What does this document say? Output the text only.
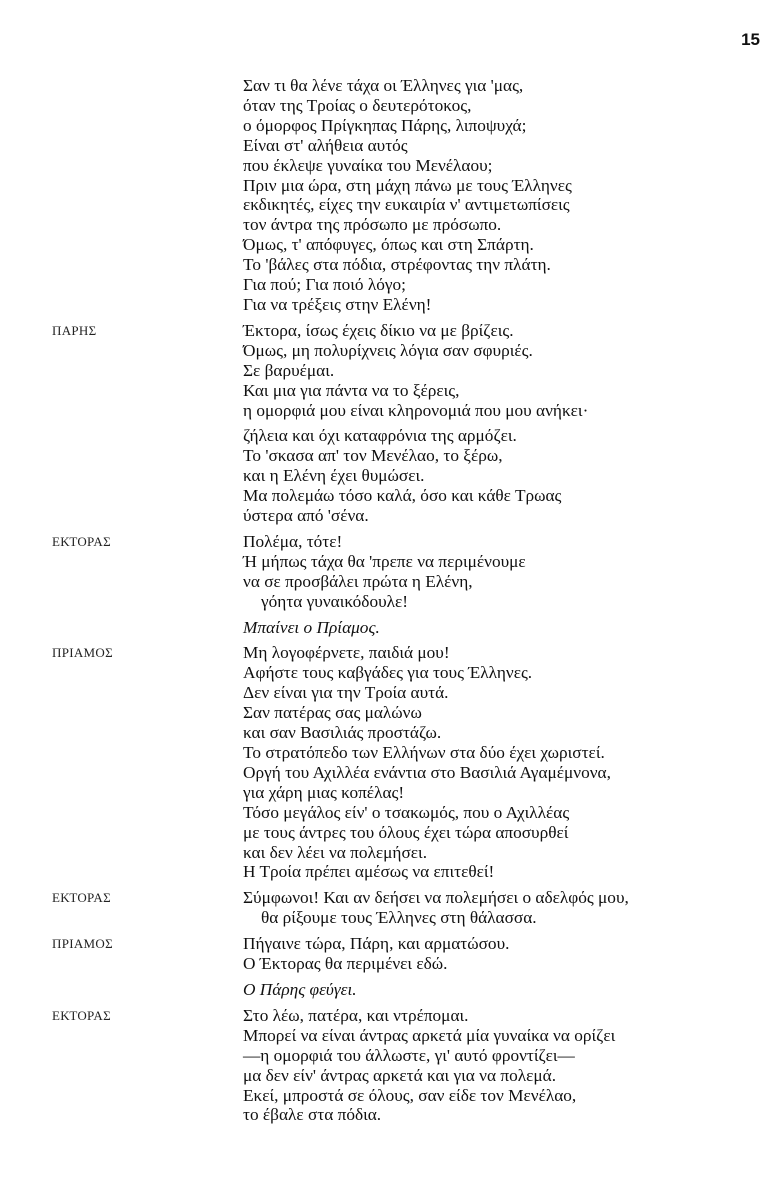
15
Σαν τι θα λένε τάχα οι Έλληνες για 'μας,
όταν της Τροίας ο δευτερότοκος,
ο όμορφος Πρίγκηπας Πάρης, λιποψυχά;
Είναι στ' αλήθεια αυτός
που έκλεψε γυναίκα του Μενέλαου;
Πριν μια ώρα, στη μάχη πάνω με τους Έλληνες
εκδικητές, είχες την ευκαιρία ν' αντιμετωπίσεις
τον άντρα της πρόσωπο με πρόσωπο.
Όμως, τ' απόφυγες, όπως και στη Σπάρτη.
Το 'βάλες στα πόδια, στρέφοντας την πλάτη.
Για πού; Για ποιό λόγο;
Για να τρέξεις στην Ελένη!
ΠΑΡΗΣ	Έκτορα, ίσως έχεις δίκιο να με βρίζεις.
Όμως, μη πολυρίχνεις λόγια σαν σφυριές.
Σε βαρυέμαι.
Και μια για πάντα να το ξέρεις,
η ομορφιά μου είναι κληρονομιά που μου ανήκει·
ζήλεια και όχι καταφρόνια της αρμόζει.
Το 'σκασα απ' τον Μενέλαο, το ξέρω,
και η Ελένη έχει θυμώσει.
Μα πολεμάω τόσο καλά, όσο και κάθε Τρωας
ύστερα από 'σένα.
ΕΚΤΟΡΑΣ	Πολέμα, τότε!
Ή μήπως τάχα θα 'πρεπε να περιμένουμε
να σε προσβάλει πρώτα η Ελένη,
γόητα γυναικόδουλε!
Μπαίνει ο Πρίαμος.
ΠΡΙΑΜΟΣ	Μη λογοφέρνετε, παιδιά μου!
Αφήστε τους καβγάδες για τους Έλληνες.
Δεν είναι για την Τροία αυτά.
Σαν πατέρας σας μαλώνω
και σαν Βασιλιάς προστάζω.
Το στρατόπεδο των Ελλήνων στα δύο έχει χωριστεί.
Οργή του Αχιλλέα ενάντια στο Βασιλιά Αγαμέμνονα,
για χάρη μιας κοπέλας!
Τόσο μεγάλος είν' ο τσακωμός, που ο Αχιλλέας
με τους άντρες του όλους έχει τώρα αποσυρθεί
και δεν λέει να πολεμήσει.
Η Τροία πρέπει αμέσως να επιτεθεί!
ΕΚΤΟΡΑΣ	Σύμφωνοι! Και αν δεήσει να πολεμήσει ο αδελφός μου,
θα ρίξουμε τους Έλληνες στη θάλασσα.
ΠΡΙΑΜΟΣ	Πήγαινε τώρα, Πάρη, και αρματώσου.
Ο Έκτορας θα περιμένει εδώ.
Ο Πάρης φεύγει.
ΕΚΤΟΡΑΣ	Στο λέω, πατέρα, και ντρέπομαι.
Μπορεί να είναι άντρας αρκετά μία γυναίκα να ορίζει
—η ομορφιά του άλλωστε, γι' αυτό φροντίζει—
μα δεν είν' άντρας αρκετά και για να πολεμά.
Εκεί, μπροστά σε όλους, σαν είδε τον Μενέλαο,
το έβαλε στα πόδια.
